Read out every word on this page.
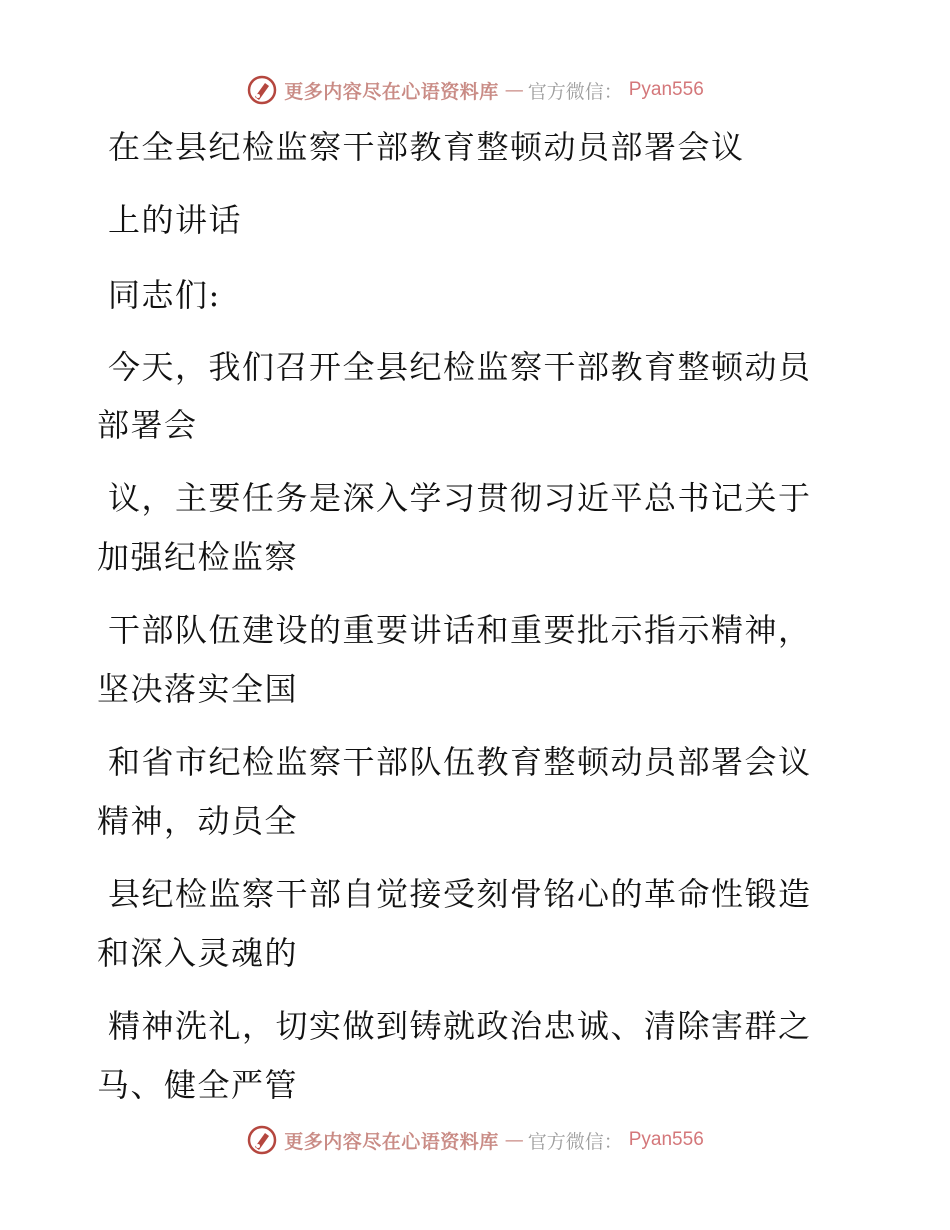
更多内容尽在心语资料库 — 官方微信： Pyan556
在全县纪检监察干部教育整顿动员部署会议
上的讲话
同志们:
今天，我们召开全县纪检监察干部教育整顿动员
部署会
议，主要任务是深入学习贯彻习近平总书记关于
加强纪检监察
干部队伍建设的重要讲话和重要批示指示精神，
坚决落实全国
和省市纪检监察干部队伍教育整顿动员部署会议
精神，动员全
县纪检监察干部自觉接受刻骨铭心的革命性锻造
和深入灵魂的
精神洗礼，切实做到铸就政治忠诚、清除害群之
马、健全严管
更多内容尽在心语资料库 — 官方微信： Pyan556
